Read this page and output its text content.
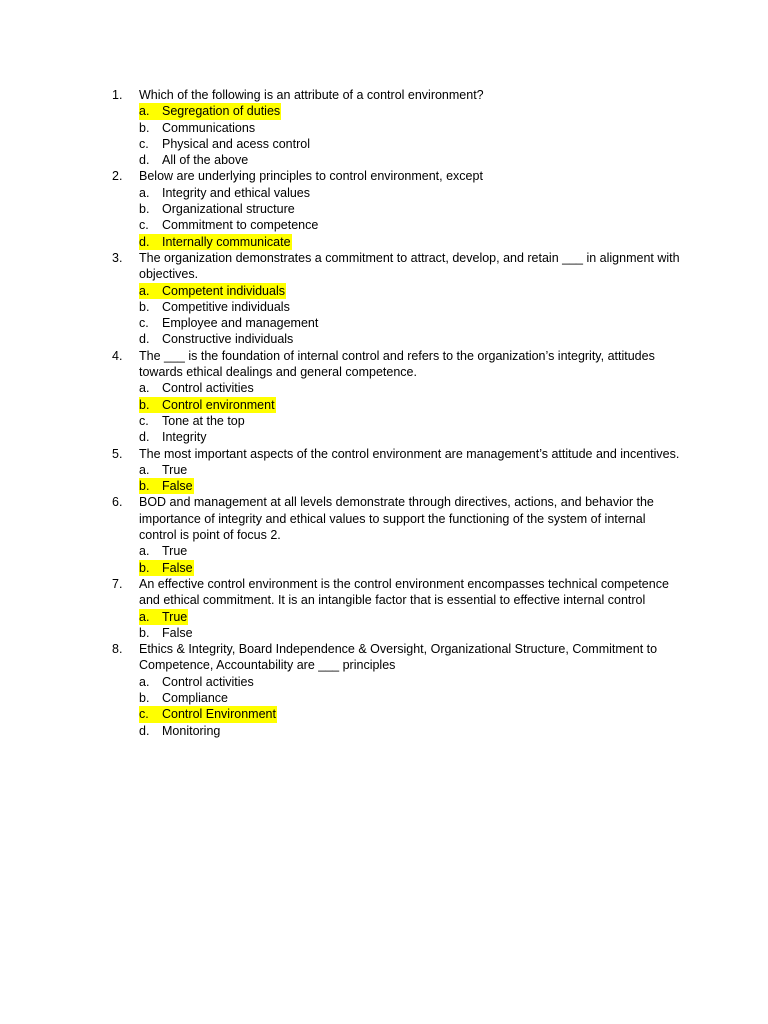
1.	Which of the following is an attribute of a control environment?
a.	Segregation of duties
b.	Communications
c.	Physical and acess control
d.	All of the above
2.	Below are underlying principles to control environment, except
a.	Integrity and ethical values
b.	Organizational structure
c.	Commitment to competence
d.	Internally communicate
3.	The organization demonstrates a commitment to attract, develop, and retain ___ in alignment with objectives.
a.	Competent individuals
b.	Competitive individuals
c.	Employee and management
d.	Constructive individuals
4.	The ___ is the foundation of internal control and refers to the organization’s integrity, attitudes towards ethical dealings and general competence.
a.	Control activities
b.	Control environment
c.	Tone at the top
d.	Integrity
5.	The most important aspects of the control environment are management’s attitude and incentives.
a.	True
b.	False
6.	BOD and management at all levels demonstrate through directives, actions, and behavior the importance of integrity and ethical values to support the functioning of the system of internal control is point of focus 2.
a.	True
b.	False
7.	An effective control environment is the control environment encompasses technical competence and ethical commitment. It is an intangible factor that is essential to effective internal control
a.	True
b.	False
8.	Ethics & Integrity, Board Independence & Oversight, Organizational Structure, Commitment to Competence, Accountability are ___ principles
a.	Control activities
b.	Compliance
c.	Control Environment
d.	Monitoring
